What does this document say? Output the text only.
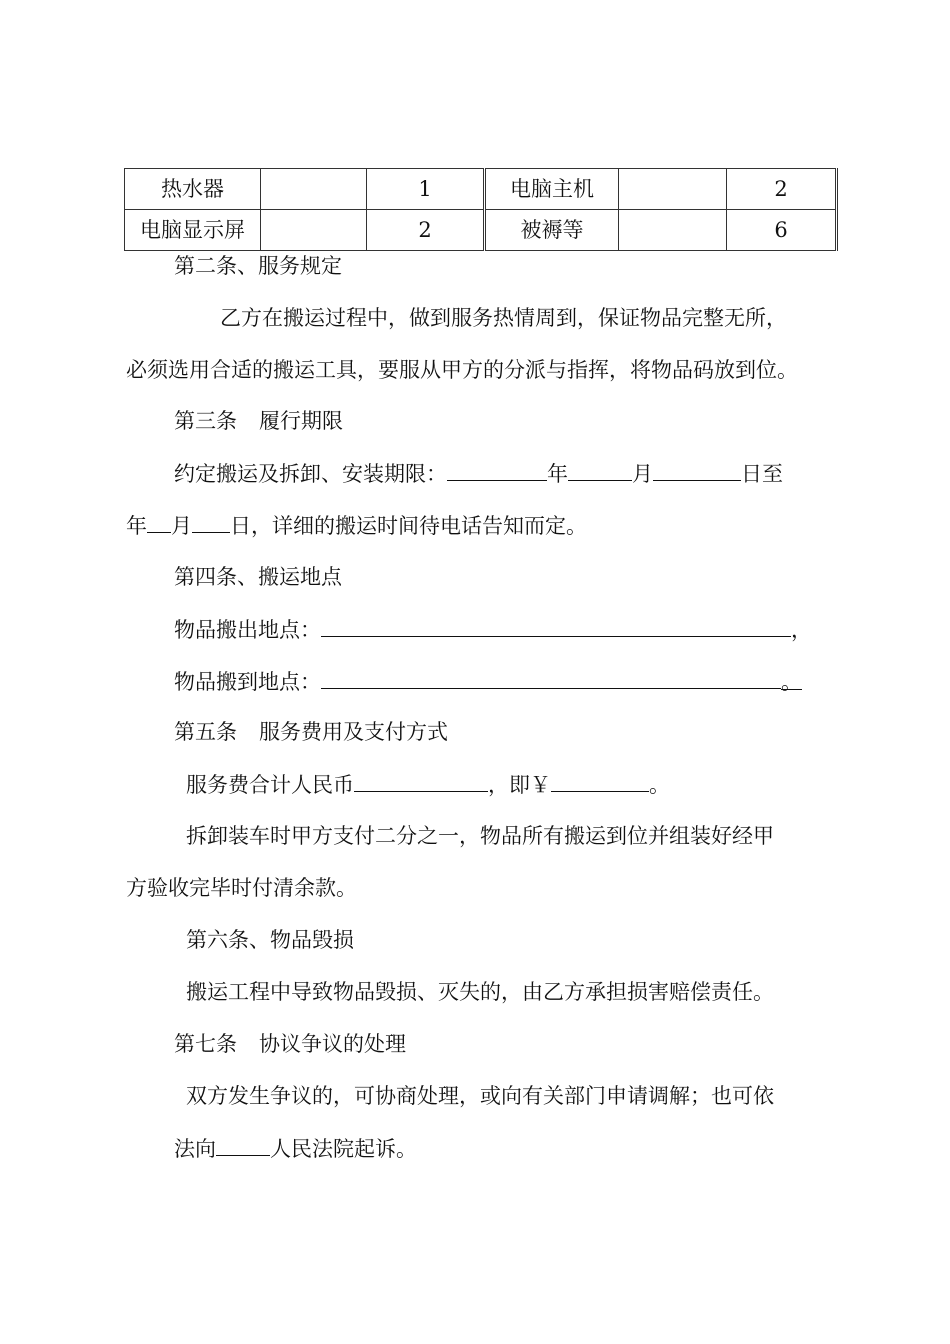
热水器		1	电脑主机		2
电脑显示屏		2	被褥等		6
第二条、服务规定
乙方在搬运过程中，做到服务热情周到，保证物品完整无所，
必须选用合适的搬运工具，要服从甲方的分派与指挥，将物品码放到位。
第三条 履行期限
约定搬运及拆卸、安装期限：	年	月	日至
年 月 日，详细的搬运时间待电话告知而定。
第四条、搬运地点
物品搬出地点：	，
物品搬到地点：	。
第五条 服务费用及支付方式
服务费合计人民币	，即￥	。
拆卸装车时甲方支付二分之一，物品所有搬运到位并组装好经甲
方验收完毕时付清余款。
第六条、物品毁损
搬运工程中导致物品毁损、灭失的，由乙方承担损害赔偿责任。
第七条 协议争议的处理
双方发生争议的，可协商处理，或向有关部门申请调解；也可依
法向	人民法院起诉。
